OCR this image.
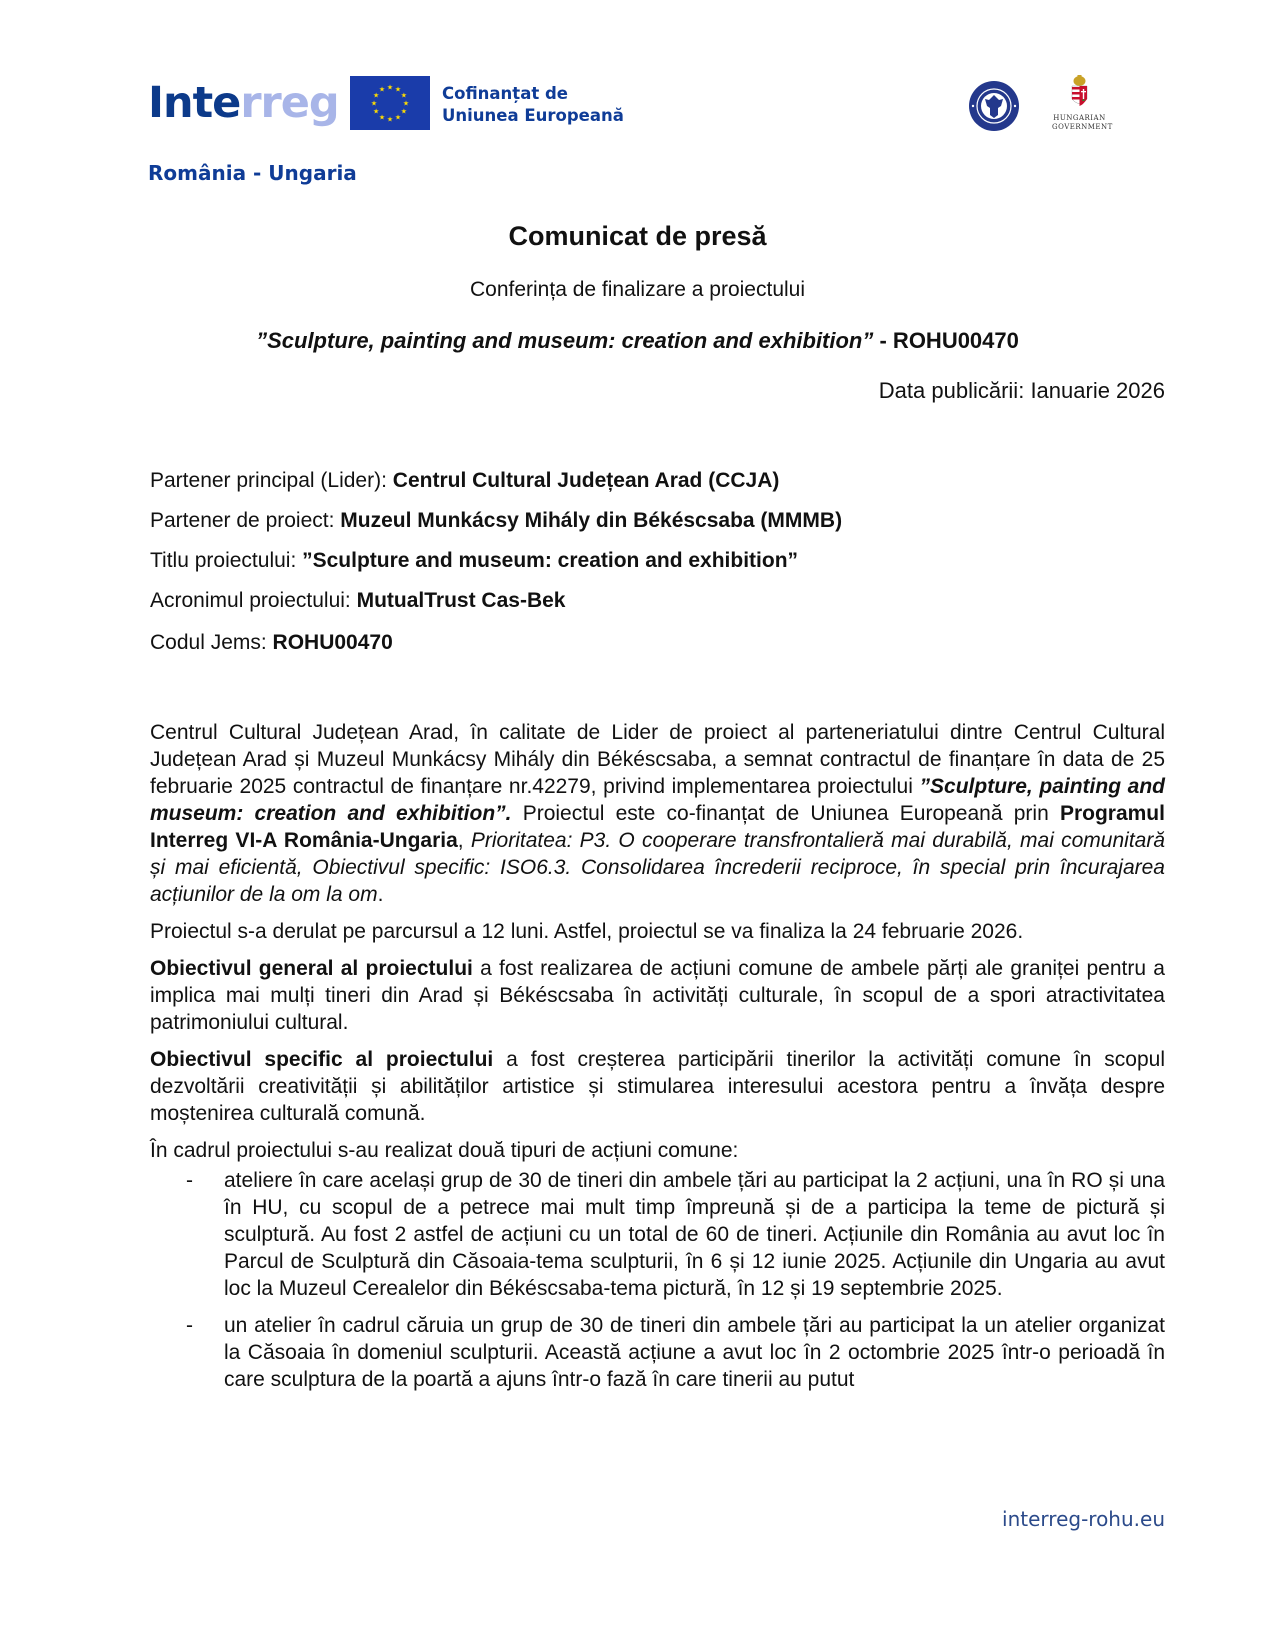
Interreg	★ ★
★
★
★
★
★
★
★
★
★
★	Cofinanțat de
Uniunea Europeană
România - Ungaria
HUNGARIAN
GOVERNMENT
Comunicat de presă
Conferința de finalizare a proiectului
”Sculpture, painting and museum: creation and exhibition” - ROHU00470
Data publicării: Ianuarie 2026
Partener principal (Lider): Centrul Cultural Județean Arad (CCJA)
Partener de proiect: Muzeul Munkácsy Mihály din Békéscsaba (MMMB)
Titlu proiectului: ”Sculpture and museum: creation and exhibition”
Acronimul proiectului: MutualTrust Cas-Bek
Codul Jems: ROHU00470

Centrul Cultural Județean Arad, în calitate de Lider de proiect al parteneriatului dintre Centrul Cultural Județean Arad și Muzeul Munkácsy Mihály din Békéscsaba, a semnat contractul de finanțare în data de 25 februarie 2025 contractul de finanțare nr.42279, privind implementarea proiectului ”Sculpture, painting and museum: creation and exhibition”. Proiectul este co-finanțat de Uniunea Europeană prin Programul Interreg VI-A România-Ungaria, Prioritatea: P3. O cooperare transfrontalieră mai durabilă, mai comunitară și mai eficientă, Obiectivul specific: ISO6.3. Consolidarea încrederii reciproce, în special prin încurajarea acțiunilor de la om la om.

Proiectul s-a derulat pe parcursul a 12 luni. Astfel, proiectul se va finaliza la 24 februarie 2026.

Obiectivul general al proiectului a fost realizarea de acțiuni comune de ambele părți ale graniței pentru a implica mai mulți tineri din Arad și Békéscsaba în activități culturale, în scopul de a spori atractivitatea patrimoniului cultural.

Obiectivul specific al proiectului a fost creșterea participării tinerilor la activități comune în scopul dezvoltării creativității și abilităților artistice și stimularea interesului acestora pentru a învăța despre moștenirea culturală comună.

În cadrul proiectului s-au realizat două tipuri de acțiuni comune:

- ateliere în care același grup de 30 de tineri din ambele țări au participat la 2 acțiuni, una în RO și una în HU, cu scopul de a petrece mai mult timp împreună și de a participa la teme de pictură și sculptură. Au fost 2 astfel de acțiuni cu un total de 60 de tineri. Acțiunile din România au avut loc în Parcul de Sculptură din Căsoaia-tema sculpturii, în 6 și 12 iunie 2025. Acțiunile din Ungaria au avut loc la Muzeul Cerealelor din Békéscsaba-tema pictură, în 12 și 19 septembrie 2025.
- un atelier în cadrul căruia un grup de 30 de tineri din ambele țări au participat la un atelier organizat la Căsoaia în domeniul sculpturii. Această acțiune a avut loc în 2 octombrie 2025 într-o perioadă în care sculptura de la poartă a ajuns într-o fază în care tinerii au putut
interreg-rohu.eu
